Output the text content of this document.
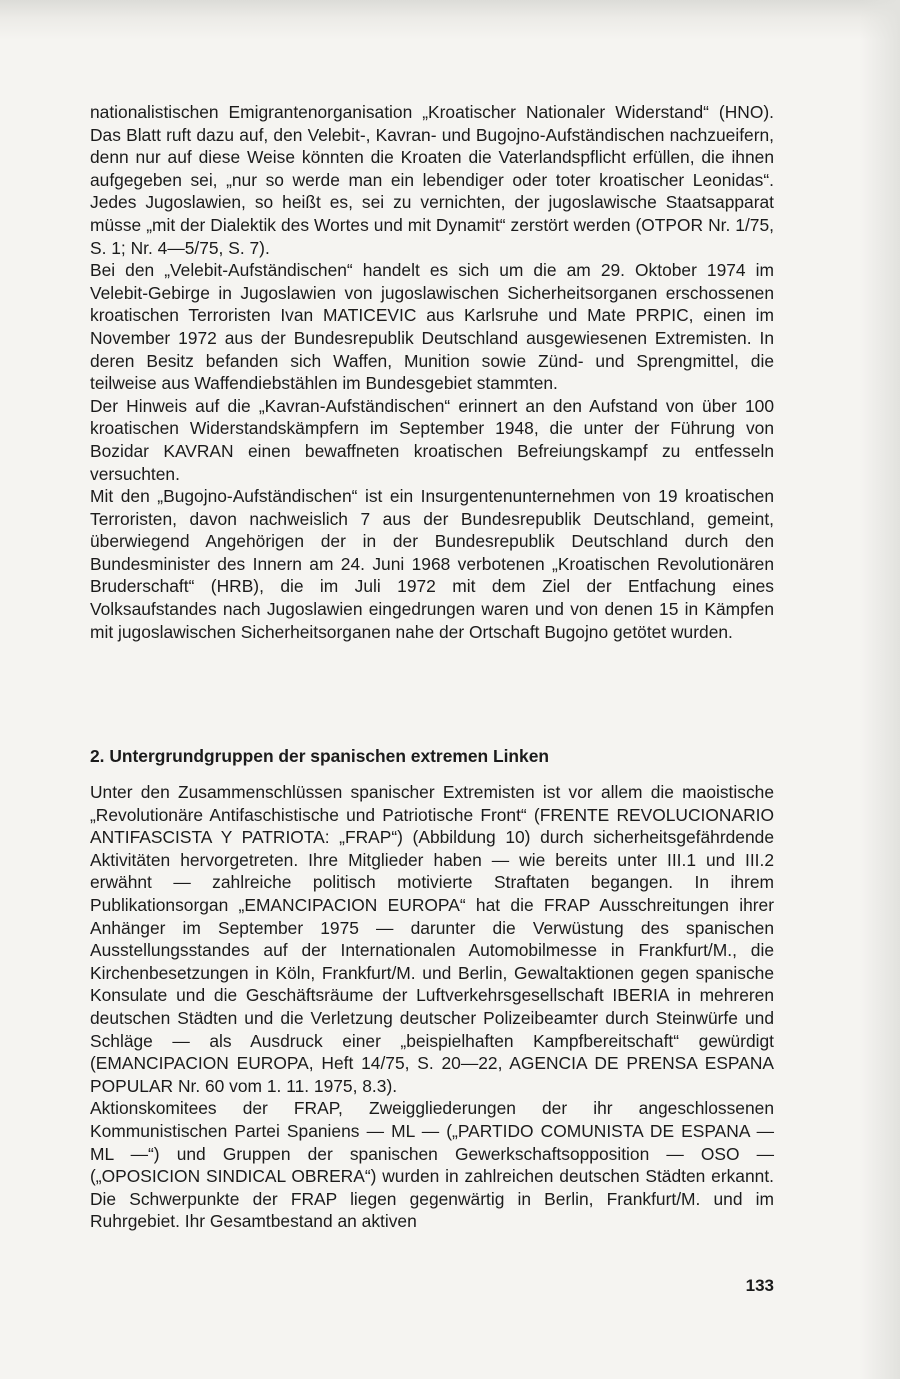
nationalistischen Emigrantenorganisation „Kroatischer Nationaler Widerstand“ (HNO). Das Blatt ruft dazu auf, den Velebit-, Kavran- und Bugojno-Aufständischen nachzueifern, denn nur auf diese Weise könnten die Kroaten die Vaterlandspflicht erfüllen, die ihnen aufgegeben sei, „nur so werde man ein lebendiger oder toter kroatischer Leonidas“. Jedes Jugoslawien, so heißt es, sei zu vernichten, der jugoslawische Staatsapparat müsse „mit der Dialektik des Wortes und mit Dynamit“ zerstört werden (OTPOR Nr. 1/75, S. 1; Nr. 4—5/75, S. 7).

Bei den „Velebit-Aufständischen“ handelt es sich um die am 29. Oktober 1974 im Velebit-Gebirge in Jugoslawien von jugoslawischen Sicherheitsorganen erschossenen kroatischen Terroristen Ivan MATICEVIC aus Karlsruhe und Mate PRPIC, einen im November 1972 aus der Bundesrepublik Deutschland ausgewiesenen Extremisten. In deren Besitz befanden sich Waffen, Munition sowie Zünd- und Sprengmittel, die teilweise aus Waffendiebstählen im Bundesgebiet stammten.

Der Hinweis auf die „Kavran-Aufständischen“ erinnert an den Aufstand von über 100 kroatischen Widerstandskämpfern im September 1948, die unter der Führung von Bozidar KAVRAN einen bewaffneten kroatischen Befreiungskampf zu entfesseln versuchten.

Mit den „Bugojno-Aufständischen“ ist ein Insurgentenunternehmen von 19 kroatischen Terroristen, davon nachweislich 7 aus der Bundesrepublik Deutschland, gemeint, überwiegend Angehörigen der in der Bundesrepublik Deutschland durch den Bundesminister des Innern am 24. Juni 1968 verbotenen „Kroatischen Revolutionären Bruderschaft“ (HRB), die im Juli 1972 mit dem Ziel der Entfachung eines Volksaufstandes nach Jugoslawien eingedrungen waren und von denen 15 in Kämpfen mit jugoslawischen Sicherheitsorganen nahe der Ortschaft Bugojno getötet wurden.

2. Untergrundgruppen der spanischen extremen Linken

Unter den Zusammenschlüssen spanischer Extremisten ist vor allem die maoistische „Revolutionäre Antifaschistische und Patriotische Front“ (FRENTE REVOLUCIONARIO ANTIFASCISTA Y PATRIOTA: „FRAP“) (Abbildung 10) durch sicherheitsgefährdende Aktivitäten hervorgetreten. Ihre Mitglieder haben — wie bereits unter III.1 und III.2 erwähnt — zahlreiche politisch motivierte Straftaten begangen. In ihrem Publikationsorgan „EMANCIPACION EUROPA“ hat die FRAP Ausschreitungen ihrer Anhänger im September 1975 — darunter die Verwüstung des spanischen Ausstellungsstandes auf der Internationalen Automobilmesse in Frankfurt/M., die Kirchenbesetzungen in Köln, Frankfurt/M. und Berlin, Gewaltaktionen gegen spanische Konsulate und die Geschäftsräume der Luftverkehrsgesellschaft IBERIA in mehreren deutschen Städten und die Verletzung deutscher Polizeibeamter durch Steinwürfe und Schläge — als Ausdruck einer „beispielhaften Kampfbereitschaft“ gewürdigt (EMANCIPACION EUROPA, Heft 14/75, S. 20—22, AGENCIA DE PRENSA ESPANA POPULAR Nr. 60 vom 1. 11. 1975, 8.3).

Aktionskomitees der FRAP, Zweiggliederungen der ihr angeschlossenen Kommunistischen Partei Spaniens — ML — („PARTIDO COMUNISTA DE ESPANA — ML —“) und Gruppen der spanischen Gewerkschaftsopposition — OSO — („OPOSICION SINDICAL OBRERA“) wurden in zahlreichen deutschen Städten erkannt. Die Schwerpunkte der FRAP liegen gegenwärtig in Berlin, Frankfurt/M. und im Ruhrgebiet. Ihr Gesamtbestand an aktiven

133
